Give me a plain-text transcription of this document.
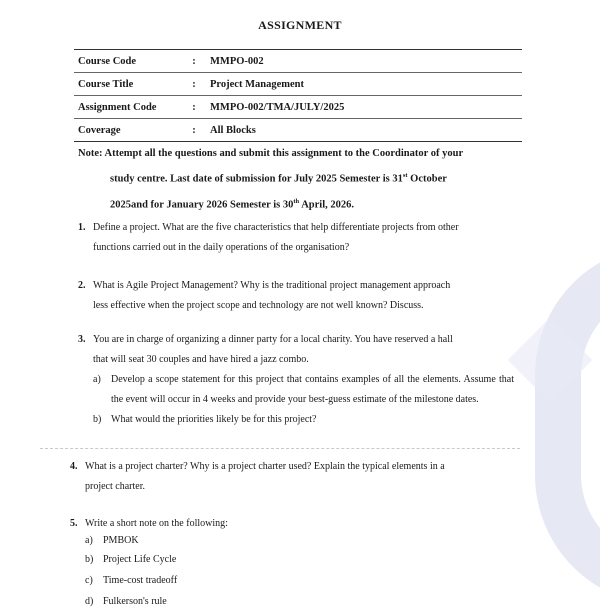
ASSIGNMENT
Course Code	:	MMPO-002
Course Title	:	Project Management
Assignment Code	:	MMPO-002/TMA/JULY/2025
Coverage	:	All Blocks
Note: Attempt all the questions and submit this assignment to the Coordinator of your
study centre. Last date of submission for July 2025 Semester is 31st October
2025and for January 2026 Semester is 30th April, 2026.
1. Define a project. What are the five characteristics that help differentiate projects from other
functions carried out in the daily operations of the organisation?
2. What is Agile Project Management? Why is the traditional project management approach
less effective when the project scope and technology are not well known? Discuss.
3. You are in charge of organizing a dinner party for a local charity. You have reserved a hall
that will seat 30 couples and have hired a jazz combo.
a)	Develop a scope statement for this project that contains examples of all the elements. Assume that the event will occur in 4 weeks and provide your best-guess estimate of the milestone dates.
b) What would the priorities likely be for this project?
4. What is a project charter? Why is a project charter used? Explain the typical elements in a
project charter.
5. Write a short note on the following:
a)	PMBOK
b) Project Life Cycle
c)	Time-cost tradeoff
d) Fulkerson's rule
